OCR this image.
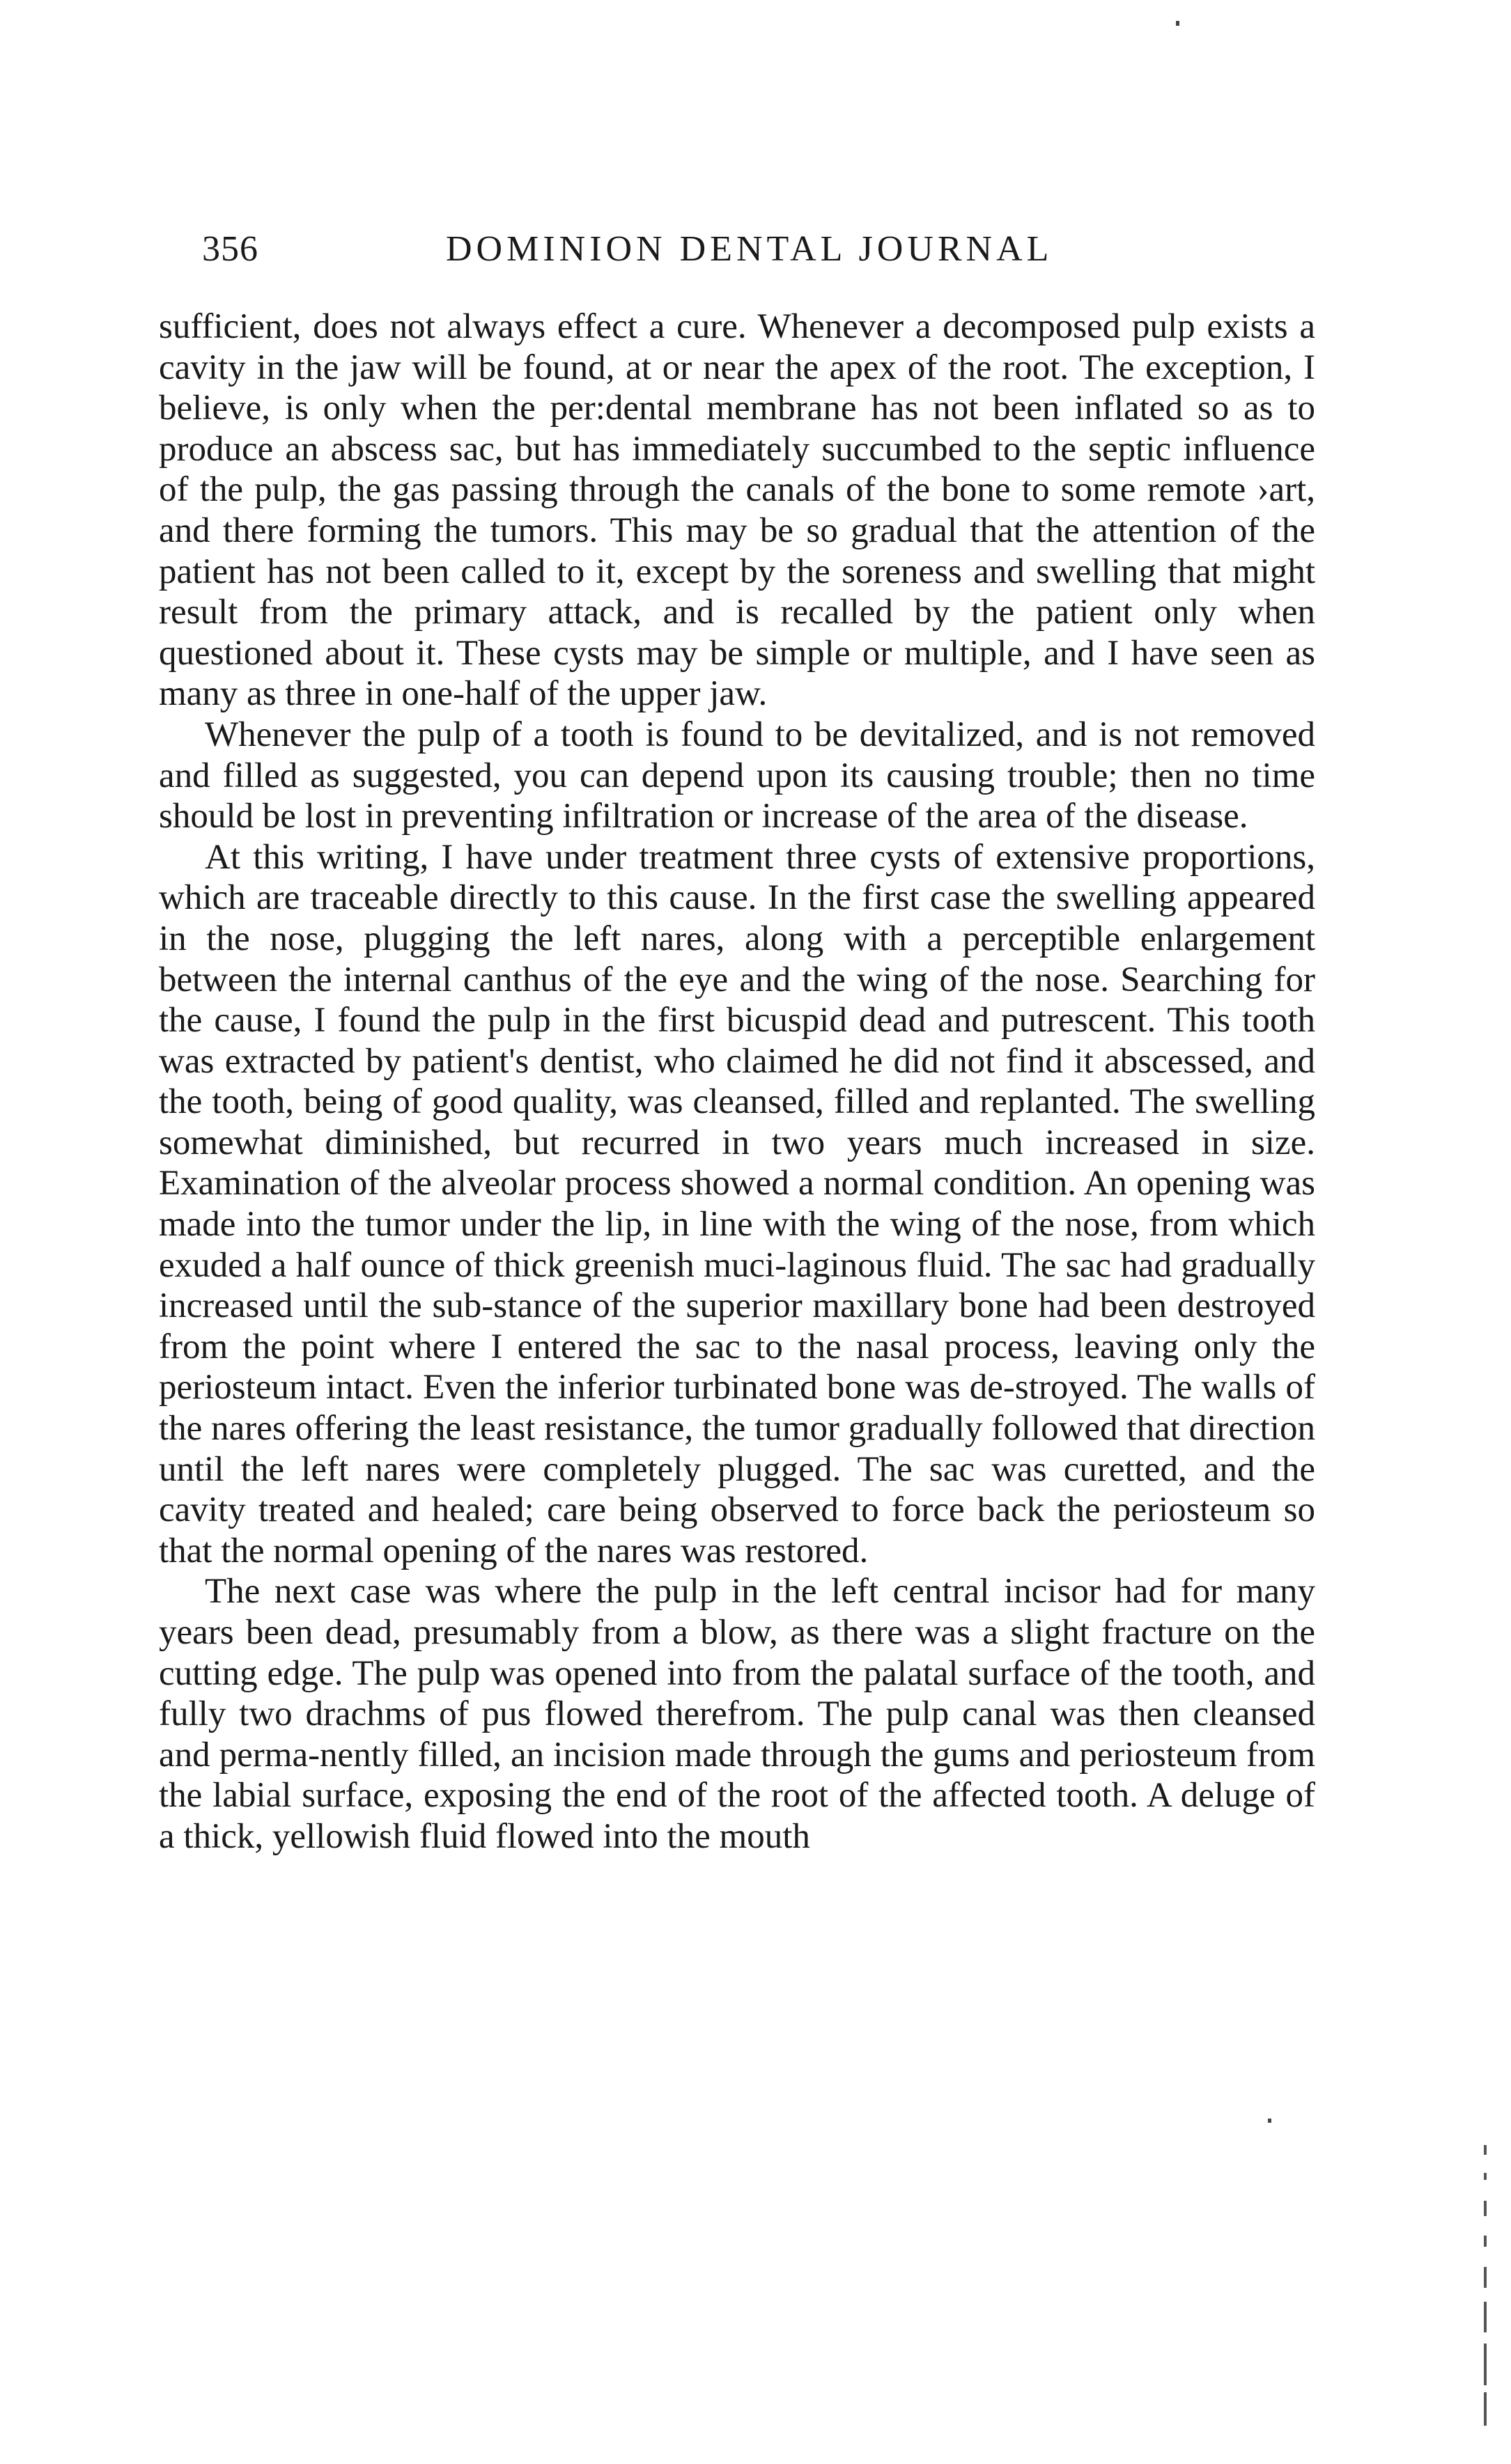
356	DOMINION DENTAL JOURNAL

sufficient, does not always effect a cure. Whenever a decomposed pulp exists a cavity in the jaw will be found, at or near the apex of the root. The exception, I believe, is only when the per:dental membrane has not been inflated so as to produce an abscess sac, but has immediately succumbed to the septic influence of the pulp, the gas passing through the canals of the bone to some remote ›art, and there forming the tumors. This may be so gradual that the attention of the patient has not been called to it, except by the soreness and swelling that might result from the primary attack, and is recalled by the patient only when questioned about it. These cysts may be simple or multiple, and I have seen as many as three in one-half of the upper jaw.

Whenever the pulp of a tooth is found to be devitalized, and is not removed and filled as suggested, you can depend upon its causing trouble; then no time should be lost in preventing infiltration or increase of the area of the disease.

At this writing, I have under treatment three cysts of extensive proportions, which are traceable directly to this cause. In the first case the swelling appeared in the nose, plugging the left nares, along with a perceptible enlargement between the internal canthus of the eye and the wing of the nose. Searching for the cause, I found the pulp in the first bicuspid dead and putrescent. This tooth was extracted by patient's dentist, who claimed he did not find it abscessed, and the tooth, being of good quality, was cleansed, filled and replanted. The swelling somewhat diminished, but recurred in two years much increased in size. Examination of the alveolar process showed a normal condition. An opening was made into the tumor under the lip, in line with the wing of the nose, from which exuded a half ounce of thick greenish muci-laginous fluid. The sac had gradually increased until the sub-stance of the superior maxillary bone had been destroyed from the point where I entered the sac to the nasal process, leaving only the periosteum intact. Even the inferior turbinated bone was de-stroyed. The walls of the nares offering the least resistance, the tumor gradually followed that direction until the left nares were completely plugged. The sac was curetted, and the cavity treated and healed; care being observed to force back the periosteum so that the normal opening of the nares was restored.

The next case was where the pulp in the left central incisor had for many years been dead, presumably from a blow, as there was a slight fracture on the cutting edge. The pulp was opened into from the palatal surface of the tooth, and fully two drachms of pus flowed therefrom. The pulp canal was then cleansed and perma-nently filled, an incision made through the gums and periosteum from the labial surface, exposing the end of the root of the affected tooth. A deluge of a thick, yellowish fluid flowed into the mouth
